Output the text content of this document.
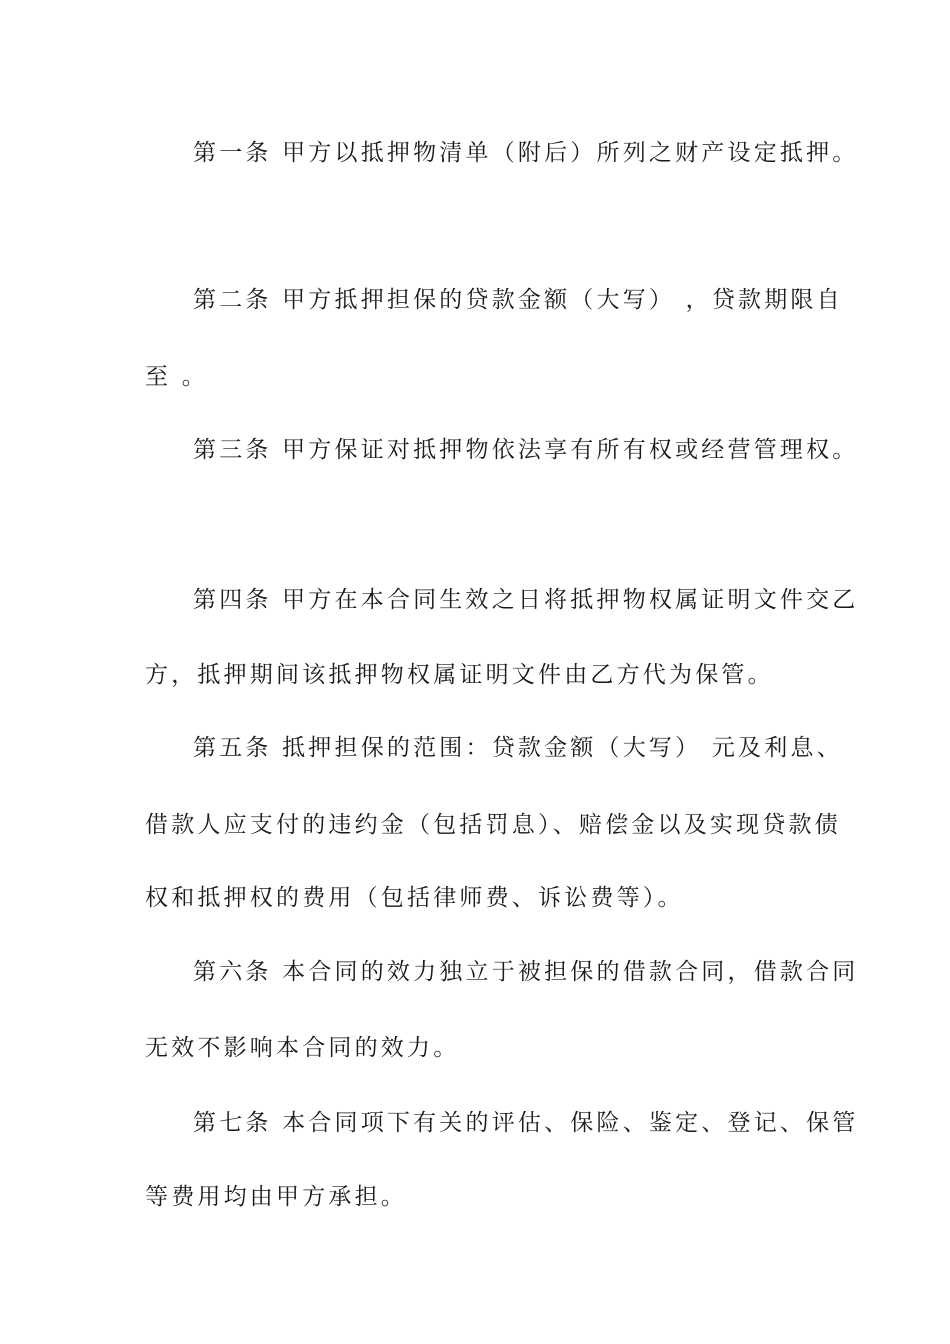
第一条 甲方以抵押物清单（附后）所列之财产设定抵押。
第二条 甲方抵押担保的贷款金额（大写） ，贷款期限自
至 。
第三条 甲方保证对抵押物依法享有所有权或经营管理权。
第四条 甲方在本合同生效之日将抵押物权属证明文件交乙
方，抵押期间该抵押物权属证明文件由乙方代为保管。
第五条 抵押担保的范围：贷款金额（大写） 元及利息、
借款人应支付的违约金（包括罚息）、赔偿金以及实现贷款债
权和抵押权的费用（包括律师费、诉讼费等）。
第六条 本合同的效力独立于被担保的借款合同，借款合同
无效不影响本合同的效力。
第七条 本合同项下有关的评估、保险、鉴定、登记、保管
等费用均由甲方承担。
